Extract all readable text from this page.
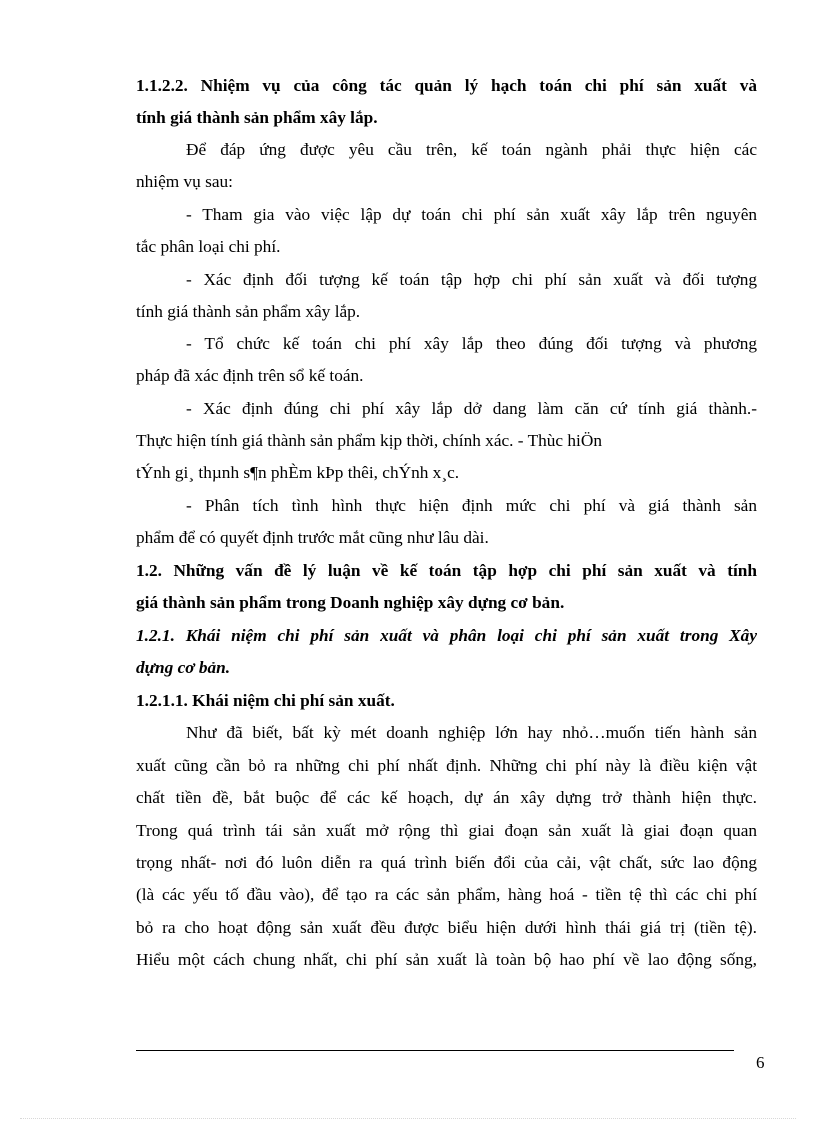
1.1.2.2. Nhiệm vụ của công tác quản lý hạch toán chi phí sản xuất và

tính giá thành sản phẩm xây lắp.

Để đáp ứng được yêu cầu trên, kế toán ngành phải thực hiện các

nhiệm vụ sau:

- Tham gia vào việc lập dự toán chi phí sản xuất xây lắp trên nguyên

tắc phân loại chi phí.

- Xác định đối tượng kế toán tập hợp chi phí sản xuất và đối tượng

tính giá thành sản phẩm xây lắp.

- Tổ chức kế toán chi phí xây lắp theo đúng đối tượng và phương

pháp đã xác định trên sổ kế toán.

- Xác định đúng chi phí xây lắp dở dang làm căn cứ tính giá thành.-

Thực hiện tính giá thành sản phẩm kịp thời, chính xác. - Thùc hiÖn

tÝnh gi¸ thµnh s¶n phÈm kÞp thêi, chÝnh x¸c.

- Phân tích tình hình thực hiện định mức chi phí và giá thành sản

phẩm để có quyết định trước mắt cũng như lâu dài.

1.2. Những vấn đề lý luận về kế toán tập hợp chi phí sản xuất và tính

giá thành sản phẩm trong Doanh nghiệp xây dựng cơ bản.

1.2.1. Khái niệm chi phí sản xuất và phân loại chi phí sản xuất trong Xây

dựng cơ bản.

1.2.1.1. Khái niệm chi phí sản xuất.

Như đã biết, bất kỳ mét doanh nghiệp lớn hay nhỏ…muốn tiến hành sản

xuất cũng cần bỏ ra những chi phí nhất định. Những chi phí này là điều kiện vật

chất tiền đề, bắt buộc để các kế hoạch, dự án xây dựng trở thành hiện thực.

Trong quá trình tái sản xuất mở rộng thì giai đoạn sản xuất là giai đoạn quan

trọng nhất- nơi đó luôn diễn ra quá trình biến đổi của cải, vật chất, sức lao động

(là các yếu tố đầu vào), để tạo ra các sản phẩm, hàng hoá - tiền tệ thì các chi phí

bỏ ra cho hoạt động sản xuất đều được biểu hiện dưới hình thái giá trị (tiền tệ).

Hiểu một cách chung nhất, chi phí sản xuất là toàn bộ hao phí về lao động sống,

6
